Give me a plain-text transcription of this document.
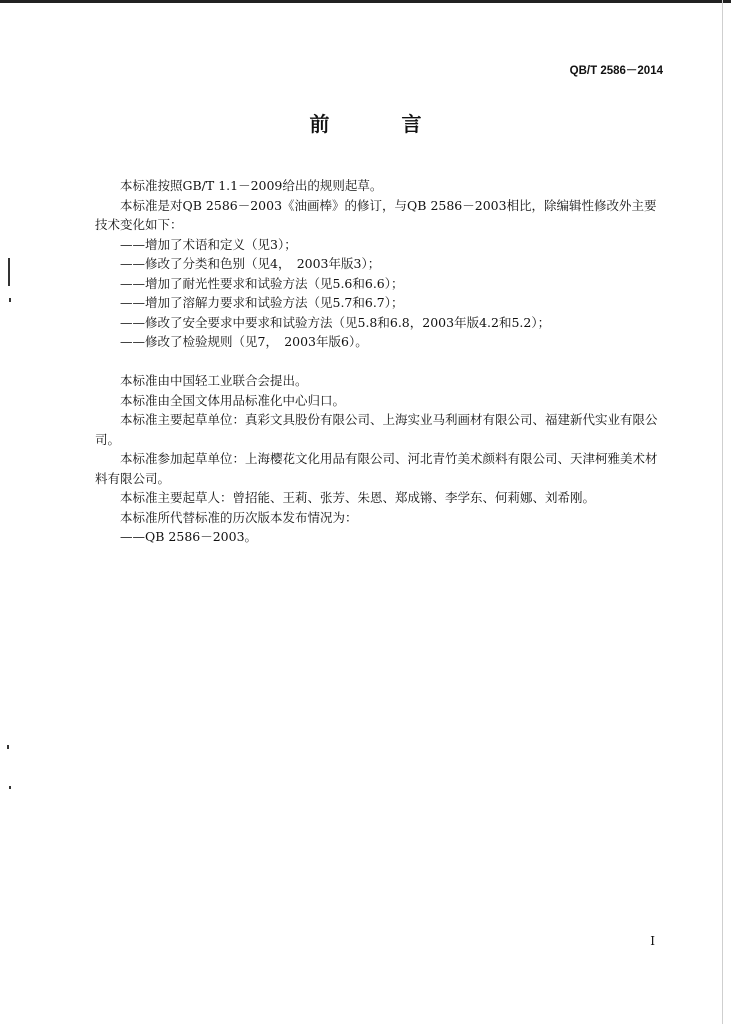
QB/T 2586－2014
前　言

本标准按照GB/T 1.1－2009给出的规则起草。

本标准是对QB 2586－2003《油画棒》的修订，与QB 2586－2003相比，除编辑性修改外主要技术变化如下：

——增加了术语和定义（见3）；

——修改了分类和色别（见4，　2003年版3）；

——增加了耐光性要求和试验方法（见5.6和6.6）；

——增加了溶解力要求和试验方法（见5.7和6.7）；

——修改了安全要求中要求和试验方法（见5.8和6.8，2003年版4.2和5.2）；

——修改了检验规则（见7，　2003年版6）。

本标准由中国轻工业联合会提出。

本标准由全国文体用品标准化中心归口。

本标准主要起草单位：真彩文具股份有限公司、上海实业马利画材有限公司、福建新代实业有限公司。

本标准参加起草单位：上海樱花文化用品有限公司、河北青竹美术颜料有限公司、天津柯雅美术材料有限公司。

本标准主要起草人：曾招能、王莉、张芳、朱恩、郑成锵、李学东、何莉娜、刘希刚。

本标准所代替标准的历次版本发布情况为：

——QB 2586－2003。

I
